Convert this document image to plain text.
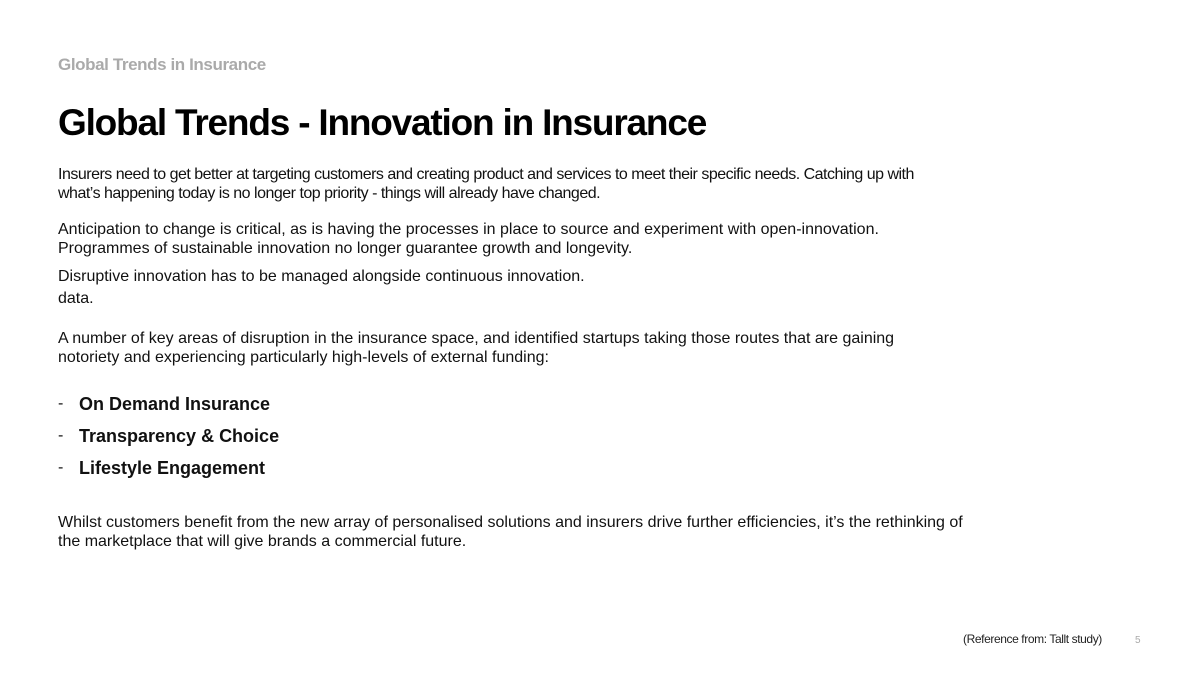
Global Trends in Insurance
Global Trends - Innovation in Insurance

Insurers need to get better at targeting customers and creating product and services to meet their specific needs. Catching up with what’s happening today is no longer top priority - things will already have changed.

Anticipation to change is critical, as is having the processes in place to source and experiment with open-innovation. Programmes of sustainable innovation no longer guarantee growth and longevity.

Disruptive innovation has to be managed alongside continuous innovation.

data.

A number of key areas of disruption in the insurance space, and identified startups taking those routes that are gaining notoriety and experiencing particularly high-levels of external funding:

- On Demand Insurance
- Transparency & Choice
- Lifestyle Engagement

Whilst customers benefit from the new array of personalised solutions and insurers drive further efficiencies, it’s the rethinking of the marketplace that will give brands a commercial future.

(Reference from: Tallt study)	5
